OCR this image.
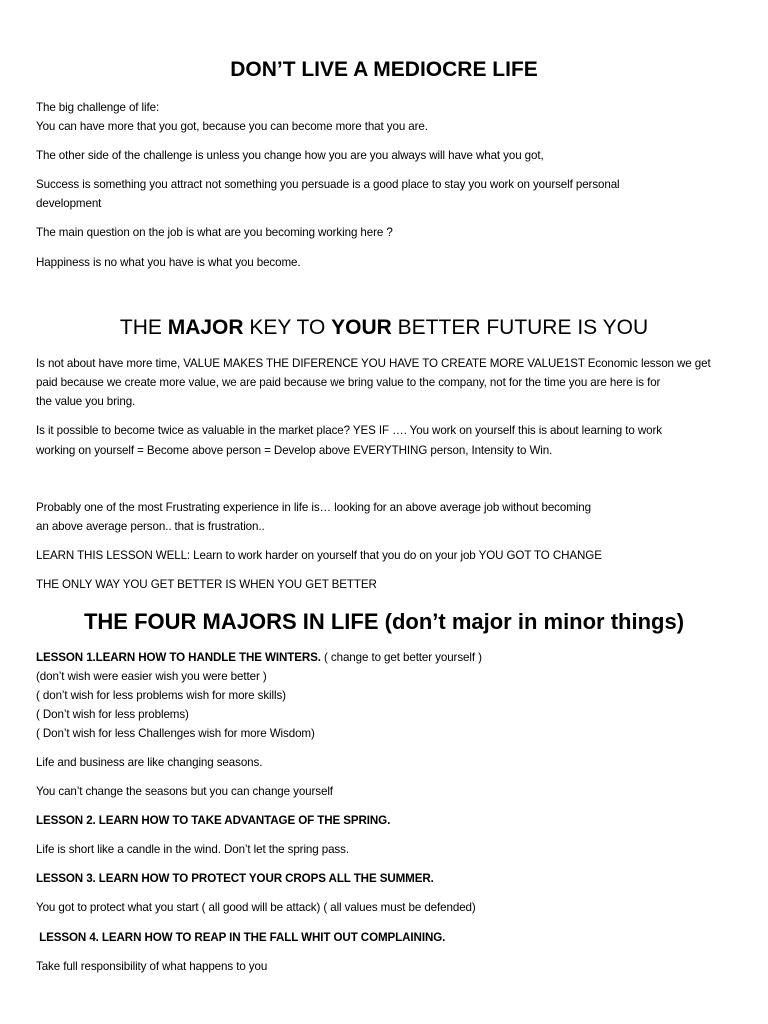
DON’T LIVE A MEDIOCRE LIFE
The big challenge of life:
You can have more that you got, because you can become more that you are.
The other side of the challenge is unless you change how you are you always will have what you got,
Success is something you attract not something you persuade is a good place to stay you work on yourself personal
development
The main question on the job is what are you becoming working here ?
Happiness is no what you have is what you become.
THE MAJOR KEY TO YOUR BETTER FUTURE IS YOU
Is not about have more time, VALUE MAKES THE DIFERENCE YOU HAVE TO CREATE MORE VALUE1ST Economic lesson we get
paid because we create more value, we are paid because we bring value to the company, not for the time you are here is for
the value you bring.
Is it possible to become twice as valuable in the market place? YES IF …. You work on yourself this is about learning to work
working on yourself = Become above person = Develop above EVERYTHING person, Intensity to Win.
Probably one of the most Frustrating experience in life is… looking for an above average job without becoming
an above average person.. that is frustration..
LEARN THIS LESSON WELL: Learn to work harder on yourself that you do on your job YOU GOT TO CHANGE
THE ONLY WAY YOU GET BETTER IS WHEN YOU GET BETTER
THE FOUR MAJORS IN LIFE (don’t major in minor things)
LESSON 1.LEARN HOW TO HANDLE THE WINTERS. ( change to get better yourself )
(don’t wish were easier wish you were better )
( don’t wish for less problems wish for more skills)
( Don’t wish for less problems)
( Don’t wish for less Challenges wish for more Wisdom)
Life and business are like changing seasons.
You can’t change the seasons but you can change yourself
LESSON 2. LEARN HOW TO TAKE ADVANTAGE OF THE SPRING.
Life is short like a candle in the wind. Don’t let the spring pass.
LESSON 3. LEARN HOW TO PROTECT YOUR CROPS ALL THE SUMMER.
You got to protect what you start ( all good will be attack) ( all values must be defended)
LESSON 4. LEARN HOW TO REAP IN THE FALL WHIT OUT COMPLAINING.
Take full responsibility of what happens to you
